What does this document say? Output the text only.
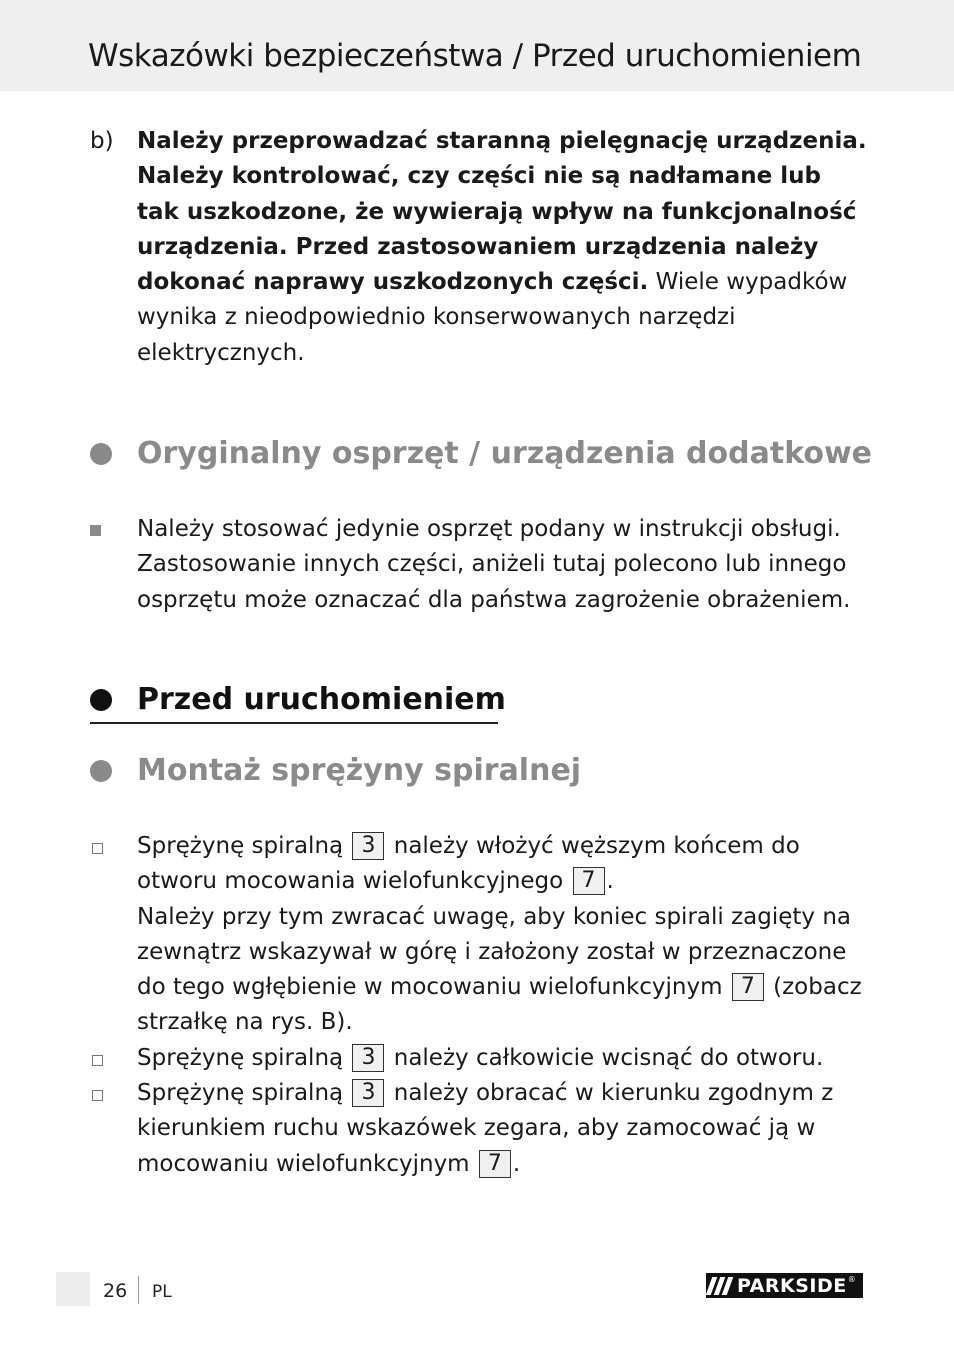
Wskazówki bezpieczeństwa / Przed uruchomieniem
b) Należy przeprowadzać staranną pielęgnację urządzenia. Należy kontrolować, czy części nie są nadłamane lub tak uszkodzone, że wywierają wpływ na funkcjonalność urządzenia. Przed zastosowaniem urządzenia należy dokonać naprawy uszkodzonych części. Wiele wypadków wynika z nieodpowiednio konserwowanych narzędzi elektrycznych.
Oryginalny osprzęt / urządzenia dodatkowe
Należy stosować jedynie osprzęt podany w instrukcji obsługi. Zastosowanie innych części, aniżeli tutaj polecono lub innego osprzętu może oznaczać dla państwa zagrożenie obrażeniem.
Przed uruchomieniem
Montaż sprężyny spiralnej
Sprężynę spiralną 3 należy włożyć węższym końcem do otworu mocowania wielofunkcyjnego 7 .
Należy przy tym zwracać uwagę, aby koniec spirali zagięty na zewnątrz wskazywał w górę i założony został w przeznaczone do tego wgłębienie w mocowaniu wielofunkcyjnym 7 (zobacz strzałkę na rys. B).
Sprężynę spiralną 3 należy całkowicie wcisnąć do otworu.
Sprężynę spiralną 3 należy obracać w kierunku zgodnym z kierunkiem ruchu wskazówek zegara, aby zamocować ją w mocowaniu wielofunkcyjnym 7 .
26 PL	PARKSIDE ®
